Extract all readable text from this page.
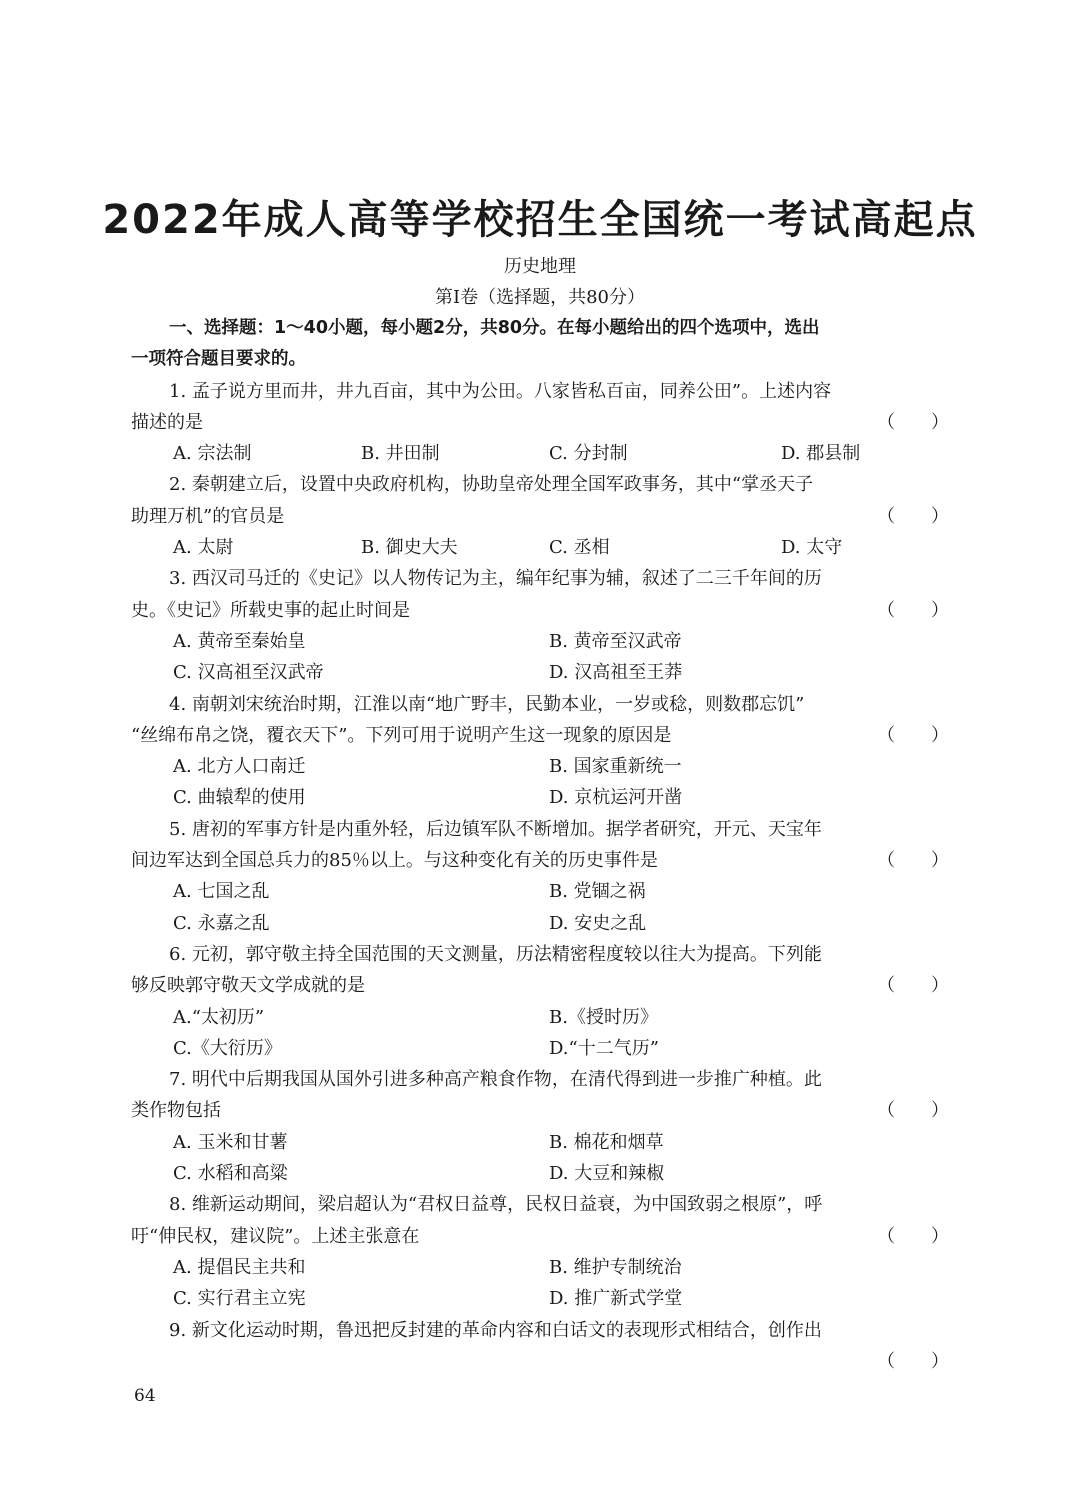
2022年成人高等学校招生全国统一考试高起点
历史地理
第Ⅰ卷（选择题，共80分）
一、选择题：1～40小题，每小题2分，共80分。在每小题给出的四个选项中，选出
一项符合题目要求的。
1. 孟子说方里而井，井九百亩，其中为公田。八家皆私百亩，同养公田”。上述内容
描述的是	（　　）
A. 宗法制	B. 井田制	C. 分封制	D. 郡县制
2. 秦朝建立后，设置中央政府机构，协助皇帝处理全国军政事务，其中“掌丞天子
助理万机”的官员是	（　　）
A. 太尉	B. 御史大夫	C. 丞相	D. 太守
3. 西汉司马迁的《史记》以人物传记为主，编年纪事为辅，叙述了二三千年间的历
史。《史记》所载史事的起止时间是	（　　）
A. 黄帝至秦始皇	B. 黄帝至汉武帝
C. 汉高祖至汉武帝	D. 汉高祖至王莽
4. 南朝刘宋统治时期，江淮以南“地广野丰，民勤本业，一岁或稔，则数郡忘饥”
“丝绵布帛之饶，覆衣天下”。下列可用于说明产生这一现象的原因是	（　　）
A. 北方人口南迁	B. 国家重新统一
C. 曲辕犁的使用	D. 京杭运河开凿
5. 唐初的军事方针是内重外轻，后边镇军队不断增加。据学者研究，开元、天宝年
间边军达到全国总兵力的85％以上。与这种变化有关的历史事件是	（　　）
A. 七国之乱	B. 党锢之祸
C. 永嘉之乱	D. 安史之乱
6. 元初，郭守敬主持全国范围的天文测量，历法精密程度较以往大为提高。下列能
够反映郭守敬天文学成就的是	（　　）
A.“太初历”	B.《授时历》
C.《大衍历》	D.“十二气历”
7. 明代中后期我国从国外引进多种高产粮食作物，在清代得到进一步推广种植。此
类作物包括	（　　）
A. 玉米和甘薯	B. 棉花和烟草
C. 水稻和高粱	D. 大豆和辣椒
8. 维新运动期间，梁启超认为“君权日益尊，民权日益衰，为中国致弱之根原”，呼
吁“伸民权，建议院”。上述主张意在	（　　）
A. 提倡民主共和	B. 维护专制统治
C. 实行君主立宪	D. 推广新式学堂
9. 新文化运动时期，鲁迅把反封建的革命内容和白话文的表现形式相结合，创作出
（　　）
64
